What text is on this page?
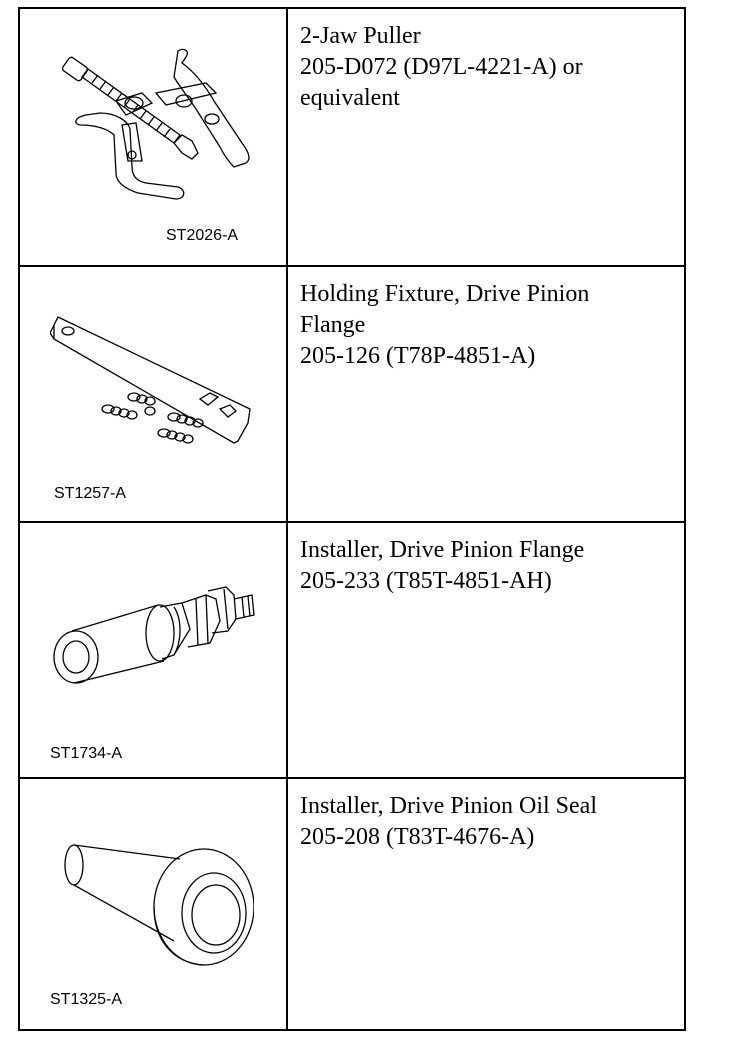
ST2026-A
2-Jaw Puller
205-D072 (D97L-4221-A) or
equivalent
ST1257-A
Holding Fixture, Drive Pinion
Flange
205-126 (T78P-4851-A)
ST1734-A
Installer, Drive Pinion Flange
205-233 (T85T-4851-AH)
ST1325-A
Installer, Drive Pinion Oil Seal
205-208 (T83T-4676-A)
